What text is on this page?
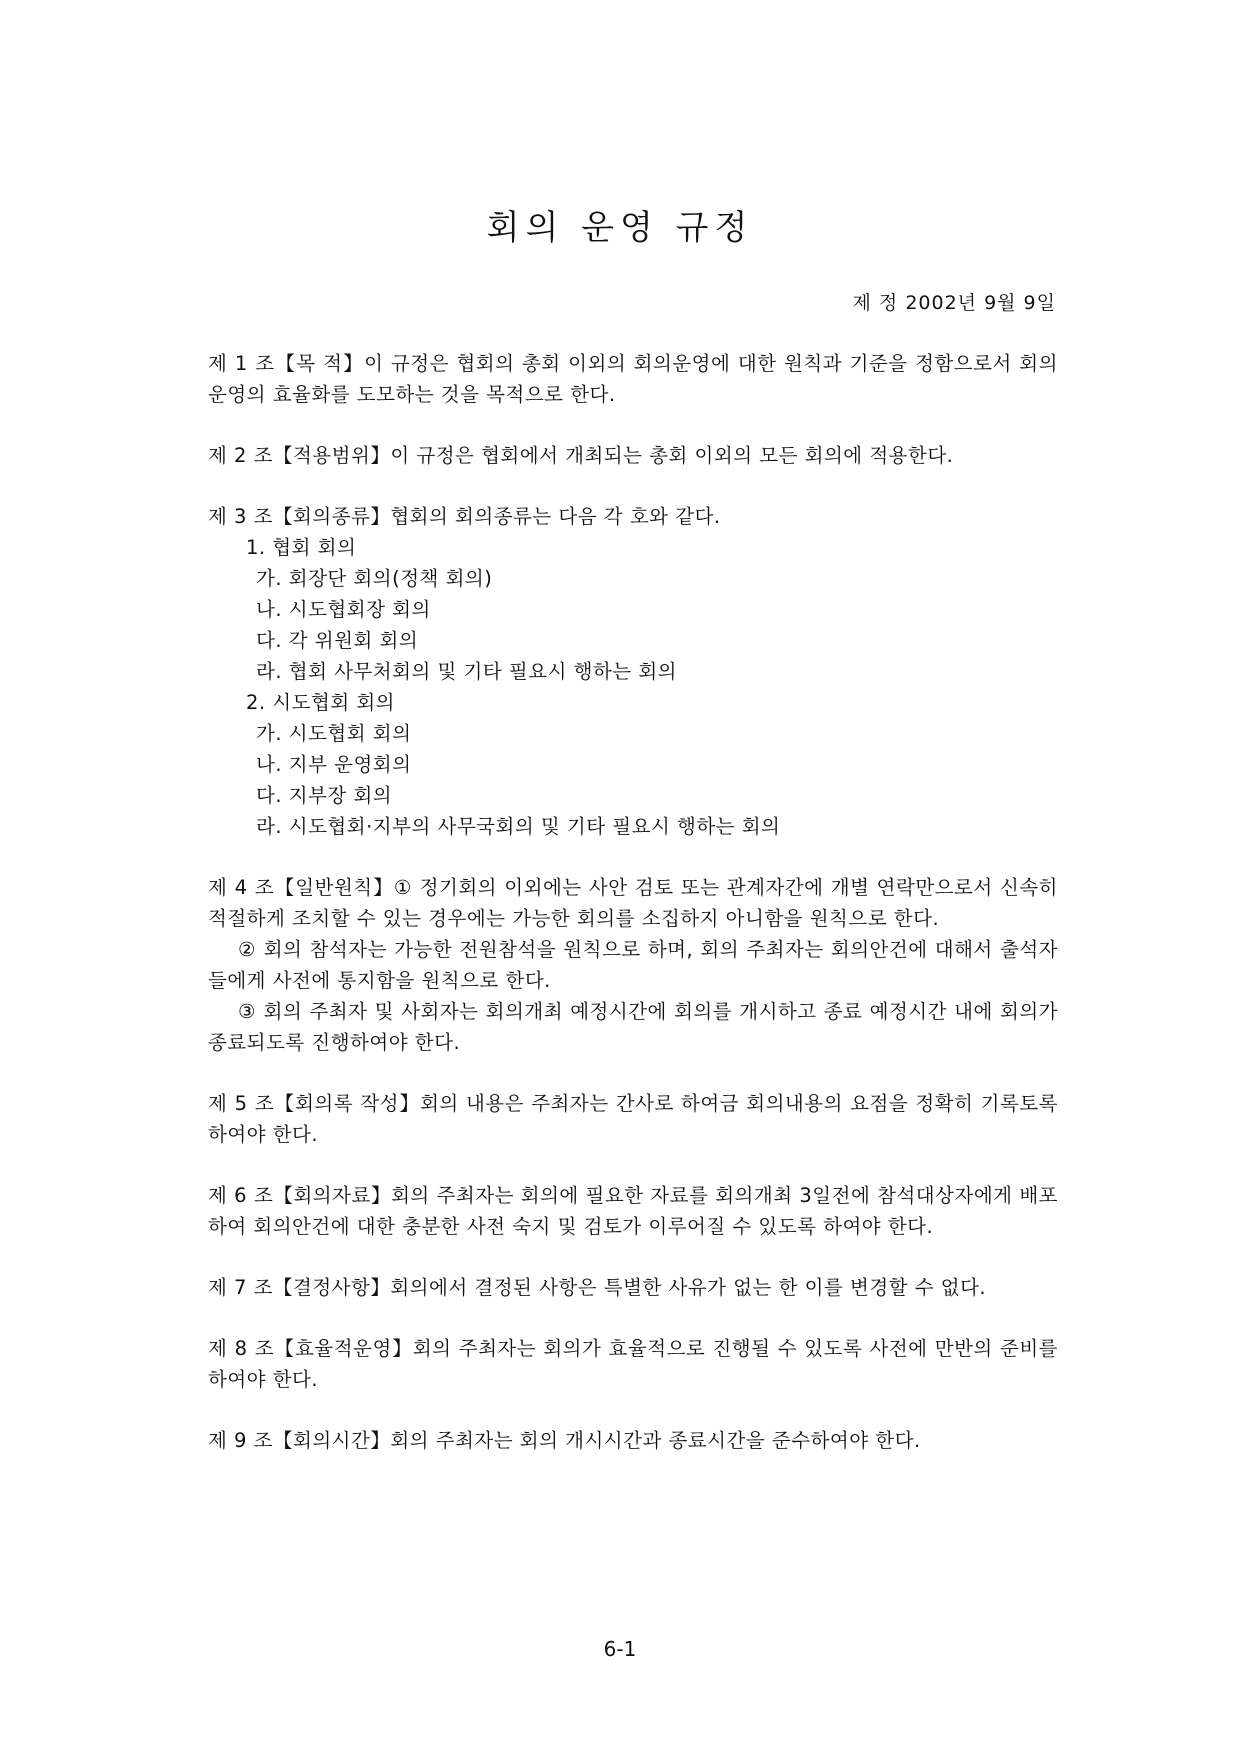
회의 운영 규정
제 정 2002년 9월 9일
제 1 조【목 적】이 규정은 협회의 총회 이외의 회의운영에 대한 원칙과 기준을 정함으로서 회의운영의 효율화를 도모하는 것을 목적으로 한다.
제 2 조【적용범위】이 규정은 협회에서 개최되는 총회 이외의 모든 회의에 적용한다.
제 3 조【회의종류】협회의 회의종류는 다음 각 호와 같다.
1. 협회 회의
가. 회장단 회의(정책 회의)
나. 시도협회장 회의
다. 각 위원회 회의
라. 협회 사무처회의 및 기타 필요시 행하는 회의
2. 시도협회 회의
가. 시도협회 회의
나. 지부 운영회의
다. 지부장 회의
라. 시도협회·지부의 사무국회의 및 기타 필요시 행하는 회의
제 4 조【일반원칙】① 정기회의 이외에는 사안 검토 또는 관계자간에 개별 연락만으로서 신속히 적절하게 조치할 수 있는 경우에는 가능한 회의를 소집하지 아니함을 원칙으로 한다.
② 회의 참석자는 가능한 전원참석을 원칙으로 하며, 회의 주최자는 회의안건에 대해서 출석자들에게 사전에 통지함을 원칙으로 한다.
③ 회의 주최자 및 사회자는 회의개최 예정시간에 회의를 개시하고 종료 예정시간 내에 회의가 종료되도록 진행하여야 한다.
제 5 조【회의록 작성】회의 내용은 주최자는 간사로 하여금 회의내용의 요점을 정확히 기록토록 하여야 한다.
제 6 조【회의자료】회의 주최자는 회의에 필요한 자료를 회의개최 3일전에 참석대상자에게 배포하여 회의안건에 대한 충분한 사전 숙지 및 검토가 이루어질 수 있도록 하여야 한다.
제 7 조【결정사항】회의에서 결정된 사항은 특별한 사유가 없는 한 이를 변경할 수 없다.
제 8 조【효율적운영】회의 주최자는 회의가 효율적으로 진행될 수 있도록 사전에 만반의 준비를 하여야 한다.
제 9 조【회의시간】회의 주최자는 회의 개시시간과 종료시간을 준수하여야 한다.
6-1
